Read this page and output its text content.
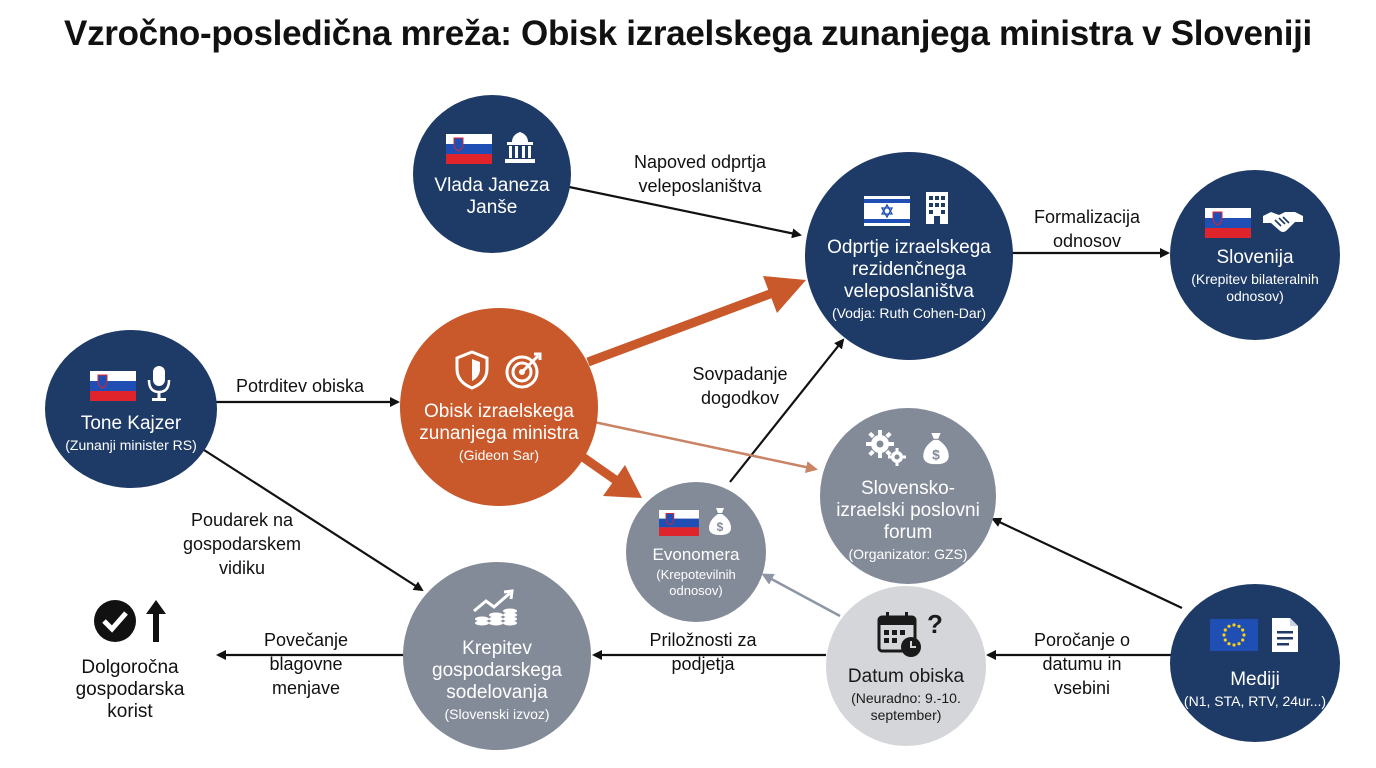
Vzročno-posledična mreža: Obisk izraelskega zunanjega ministra v Sloveniji
Napoved odprtja veleposlaništva
Formalizacija odnosov
Potrditev obiska
Sovpadanje dogodkov
Poudarek na gospodarskem vidiku
Povečanje blagovne menjave
Priložnosti za podjetja
Poročanje o datumu in vsebini
Vlada Janeza Janše
Odprtje izraelskega rezidenčnega veleposlaništva
(Vodja: Ruth Cohen-Dar)
Slovenija
(Krepitev bilateralnih odnosov)
Tone Kajzer
(Zunanji minister RS)
Obisk izraelskega zunanjega ministra
(Gideon Sar)
$
Evonomera
(Krepotevilnih odnosov)
$
Slovensko-izraelski poslovni forum
(Organizator: GZS)
Krepitev gospodarskega sodelovanja
(Slovenski izvoz)
?
Datum obiska
(Neuradno: 9.-10. september)
Mediji
(N1, STA, RTV, 24ur...)
Dolgoročna gospodarska korist
